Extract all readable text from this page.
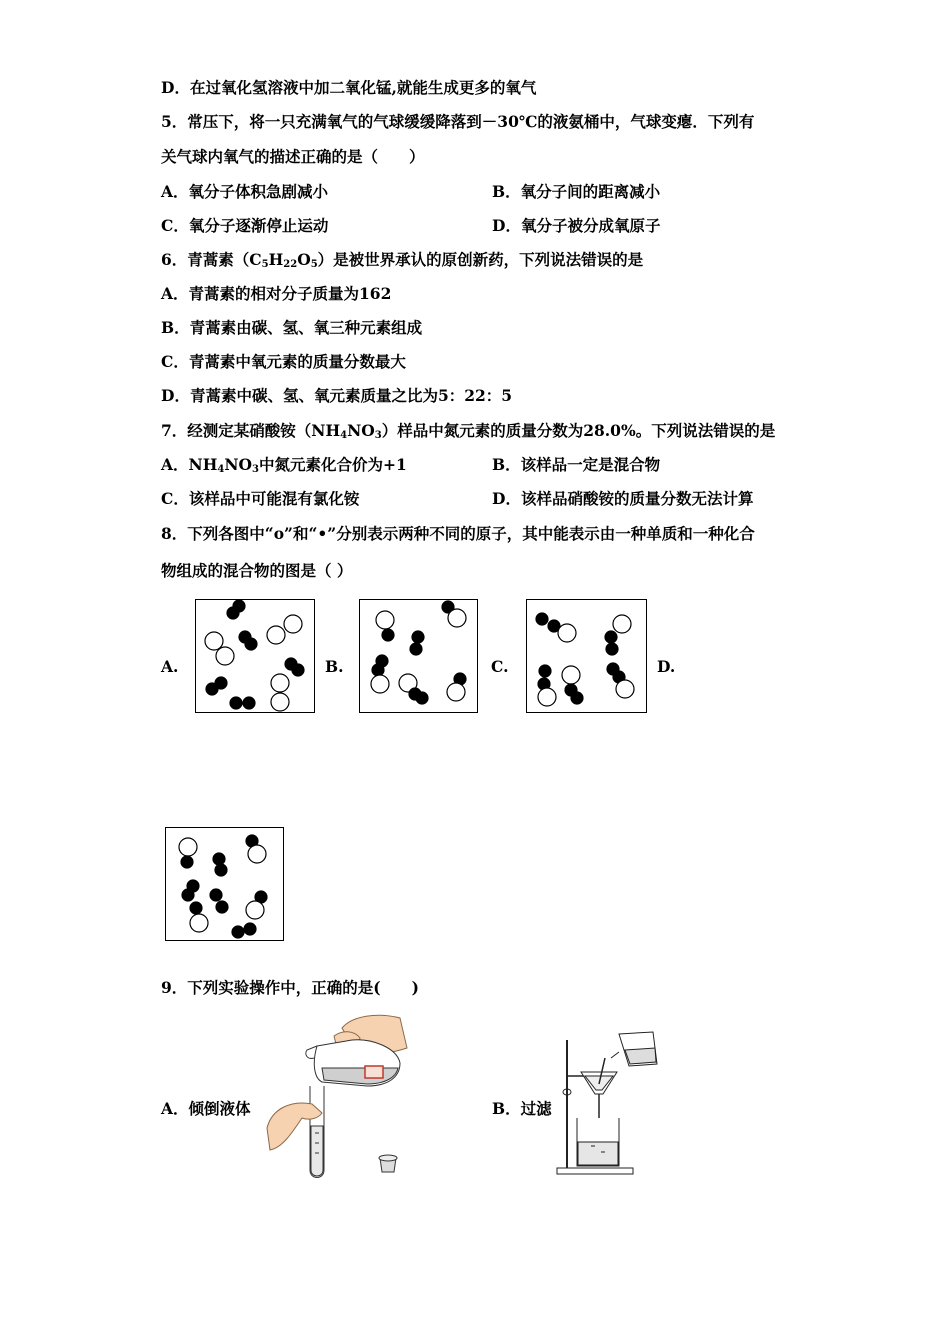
D．在过氧化氢溶液中加二氧化锰,就能生成更多的氧气
5．常压下，将一只充满氧气的气球缓缓降落到－30℃的液氨桶中，气球变瘪．下列有
关气球内氧气的描述正确的是（　　）
A．氧分子体积急剧减小	B．氧分子间的距离减小
C．氧分子逐渐停止运动	D．氧分子被分成氧原子
6．青蒿素$(C_5H_{22}O_5)$是被世界承认的原创新药，下列说法错误的是
A．青蒿素的相对分子质量为162
B．青蒿素由碳、氢、氧三种元素组成
C．青蒿素中氧元素的质量分数最大
D．青蒿素中碳、氢、氧元素质量之比为5：22：5
7．经测定某硝酸铵$(NH_4NO_3)$样品中氮元素的质量分数为28.0%。下列说法错误的是
A．$NH_4NO_3$中氮元素化合价为+1	B．该样品一定是混合物
C．该样品中可能混有氯化铵	D．该样品硝酸铵的质量分数无法计算
8．下列各图中“o”和“•”分别表示两种不同的原子，其中能表示由一种单质和一种化合
物组成的混合物的图是（ ）
A.	B.	C.	D.
9．下列实验操作中，正确的是(　　)
A．倾倒液体	B．过滤
